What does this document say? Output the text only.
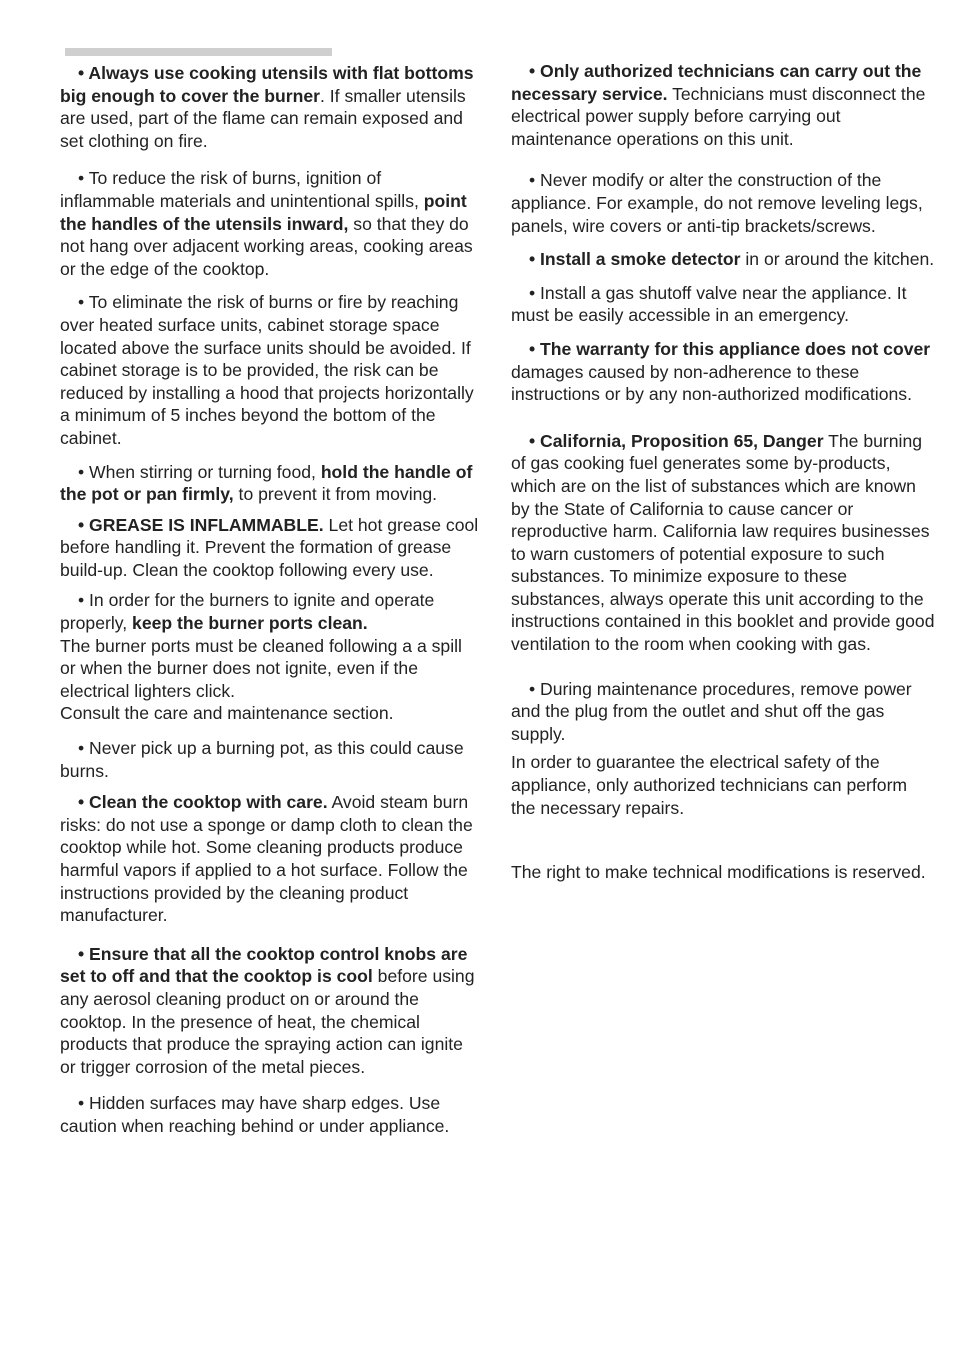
• Always use cooking utensils with flat bottoms big enough to cover the burner. If smaller utensils are used, part of the flame can remain exposed and set clothing on fire.

• To reduce the risk of burns, ignition of inflammable materials and unintentional spills, point the handles of the utensils inward, so that they do not hang over adjacent working areas, cooking areas or the edge of the cooktop.

• To eliminate the risk of burns or fire by reaching over heated surface units, cabinet storage space located above the surface units should be avoided. If cabinet storage is to be provided, the risk can be reduced by installing a hood that projects horizontally a minimum of 5 inches beyond the bottom of the cabinet.

• When stirring or turning food, hold the handle of the pot or pan firmly, to prevent it from moving.

• GREASE IS INFLAMMABLE. Let hot grease cool before handling it. Prevent the formation of grease build-up. Clean the cooktop following every use.

• In order for the burners to ignite and operate properly, keep the burner ports clean.

The burner ports must be cleaned following a a spill or when the burner does not ignite, even if the electrical lighters click.

Consult the care and maintenance section.

• Never pick up a burning pot, as this could cause burns.

• Clean the cooktop with care. Avoid steam burn risks: do not use a sponge or damp cloth to clean the cooktop while hot. Some cleaning products produce harmful vapors if applied to a hot surface. Follow the instructions provided by the cleaning product manufacturer.

• Ensure that all the cooktop control knobs are set to off and that the cooktop is cool before using any aerosol cleaning product on or around the cooktop. In the presence of heat, the chemical products that produce the spraying action can ignite or trigger corrosion of the metal pieces.

• Hidden surfaces may have sharp edges. Use caution when reaching behind or under appliance.

• Only authorized technicians can carry out the necessary service. Technicians must disconnect the electrical power supply before carrying out maintenance operations on this unit.

• Never modify or alter the construction of the appliance. For example, do not remove leveling legs, panels, wire covers or anti-tip brackets/screws.

• Install a smoke detector in or around the kitchen.

• Install a gas shutoff valve near the appliance. It must be easily accessible in an emergency.

• The warranty for this appliance does not cover damages caused by non-adherence to these instructions or by any non-authorized modifications.

• California, Proposition 65, Danger The burning of gas cooking fuel generates some by-products, which are on the list of substances which are known by the State of California to cause cancer or reproductive harm. California law requires businesses to warn customers of potential exposure to such substances. To minimize exposure to these substances, always operate this unit according to the instructions contained in this booklet and provide good ventilation to the room when cooking with gas.

• During maintenance procedures, remove power and the plug from the outlet and shut off the gas supply.

In order to guarantee the electrical safety of the appliance, only authorized technicians can perform the necessary repairs.

The right to make technical modifications is reserved.
